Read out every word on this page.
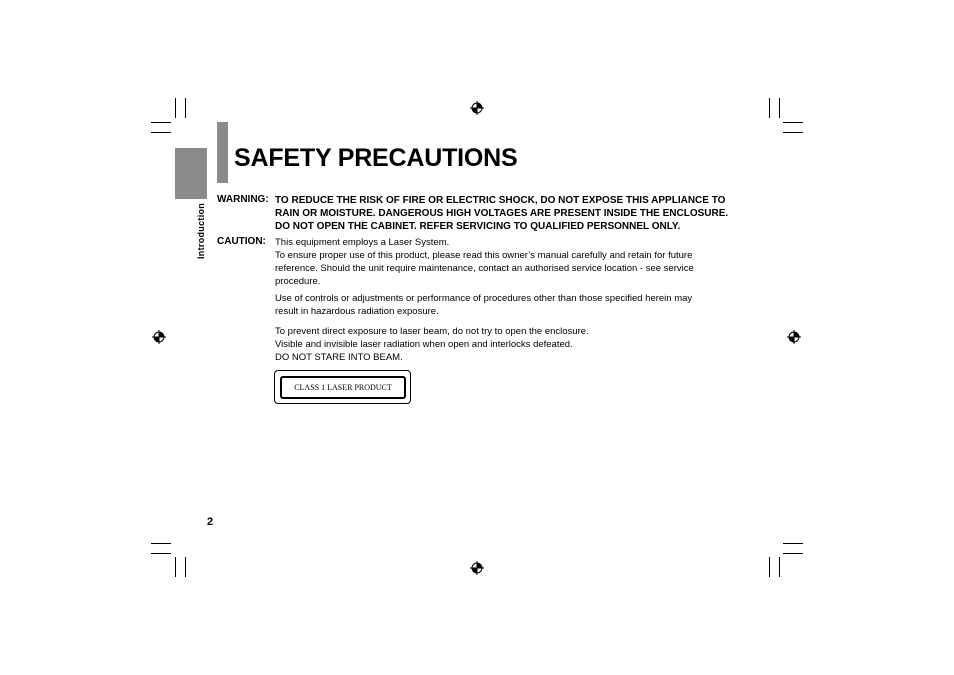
Introduction
SAFETY PRECAUTIONS
WARNING: TO REDUCE THE RISK OF FIRE OR ELECTRIC SHOCK, DO NOT EXPOSE THIS APPLIANCE TO
RAIN OR MOISTURE. DANGEROUS HIGH VOLTAGES ARE PRESENT INSIDE THE ENCLOSURE.
DO NOT OPEN THE CABINET. REFER SERVICING TO QUALIFIED PERSONNEL ONLY.
CAUTION: This equipment employs a Laser System.
To ensure proper use of this product, please read this owner’s manual carefully and retain for future
reference. Should the unit require maintenance, contact an authorised service location - see service
procedure.
Use of controls or adjustments or performance of procedures other than those specified herein may
result in hazardous radiation exposure.
To prevent direct exposure to laser beam, do not try to open the enclosure.
Visible and invisible laser radiation when open and interlocks defeated.
DO NOT STARE INTO BEAM.
CLASS 1 LASER PRODUCT
2
